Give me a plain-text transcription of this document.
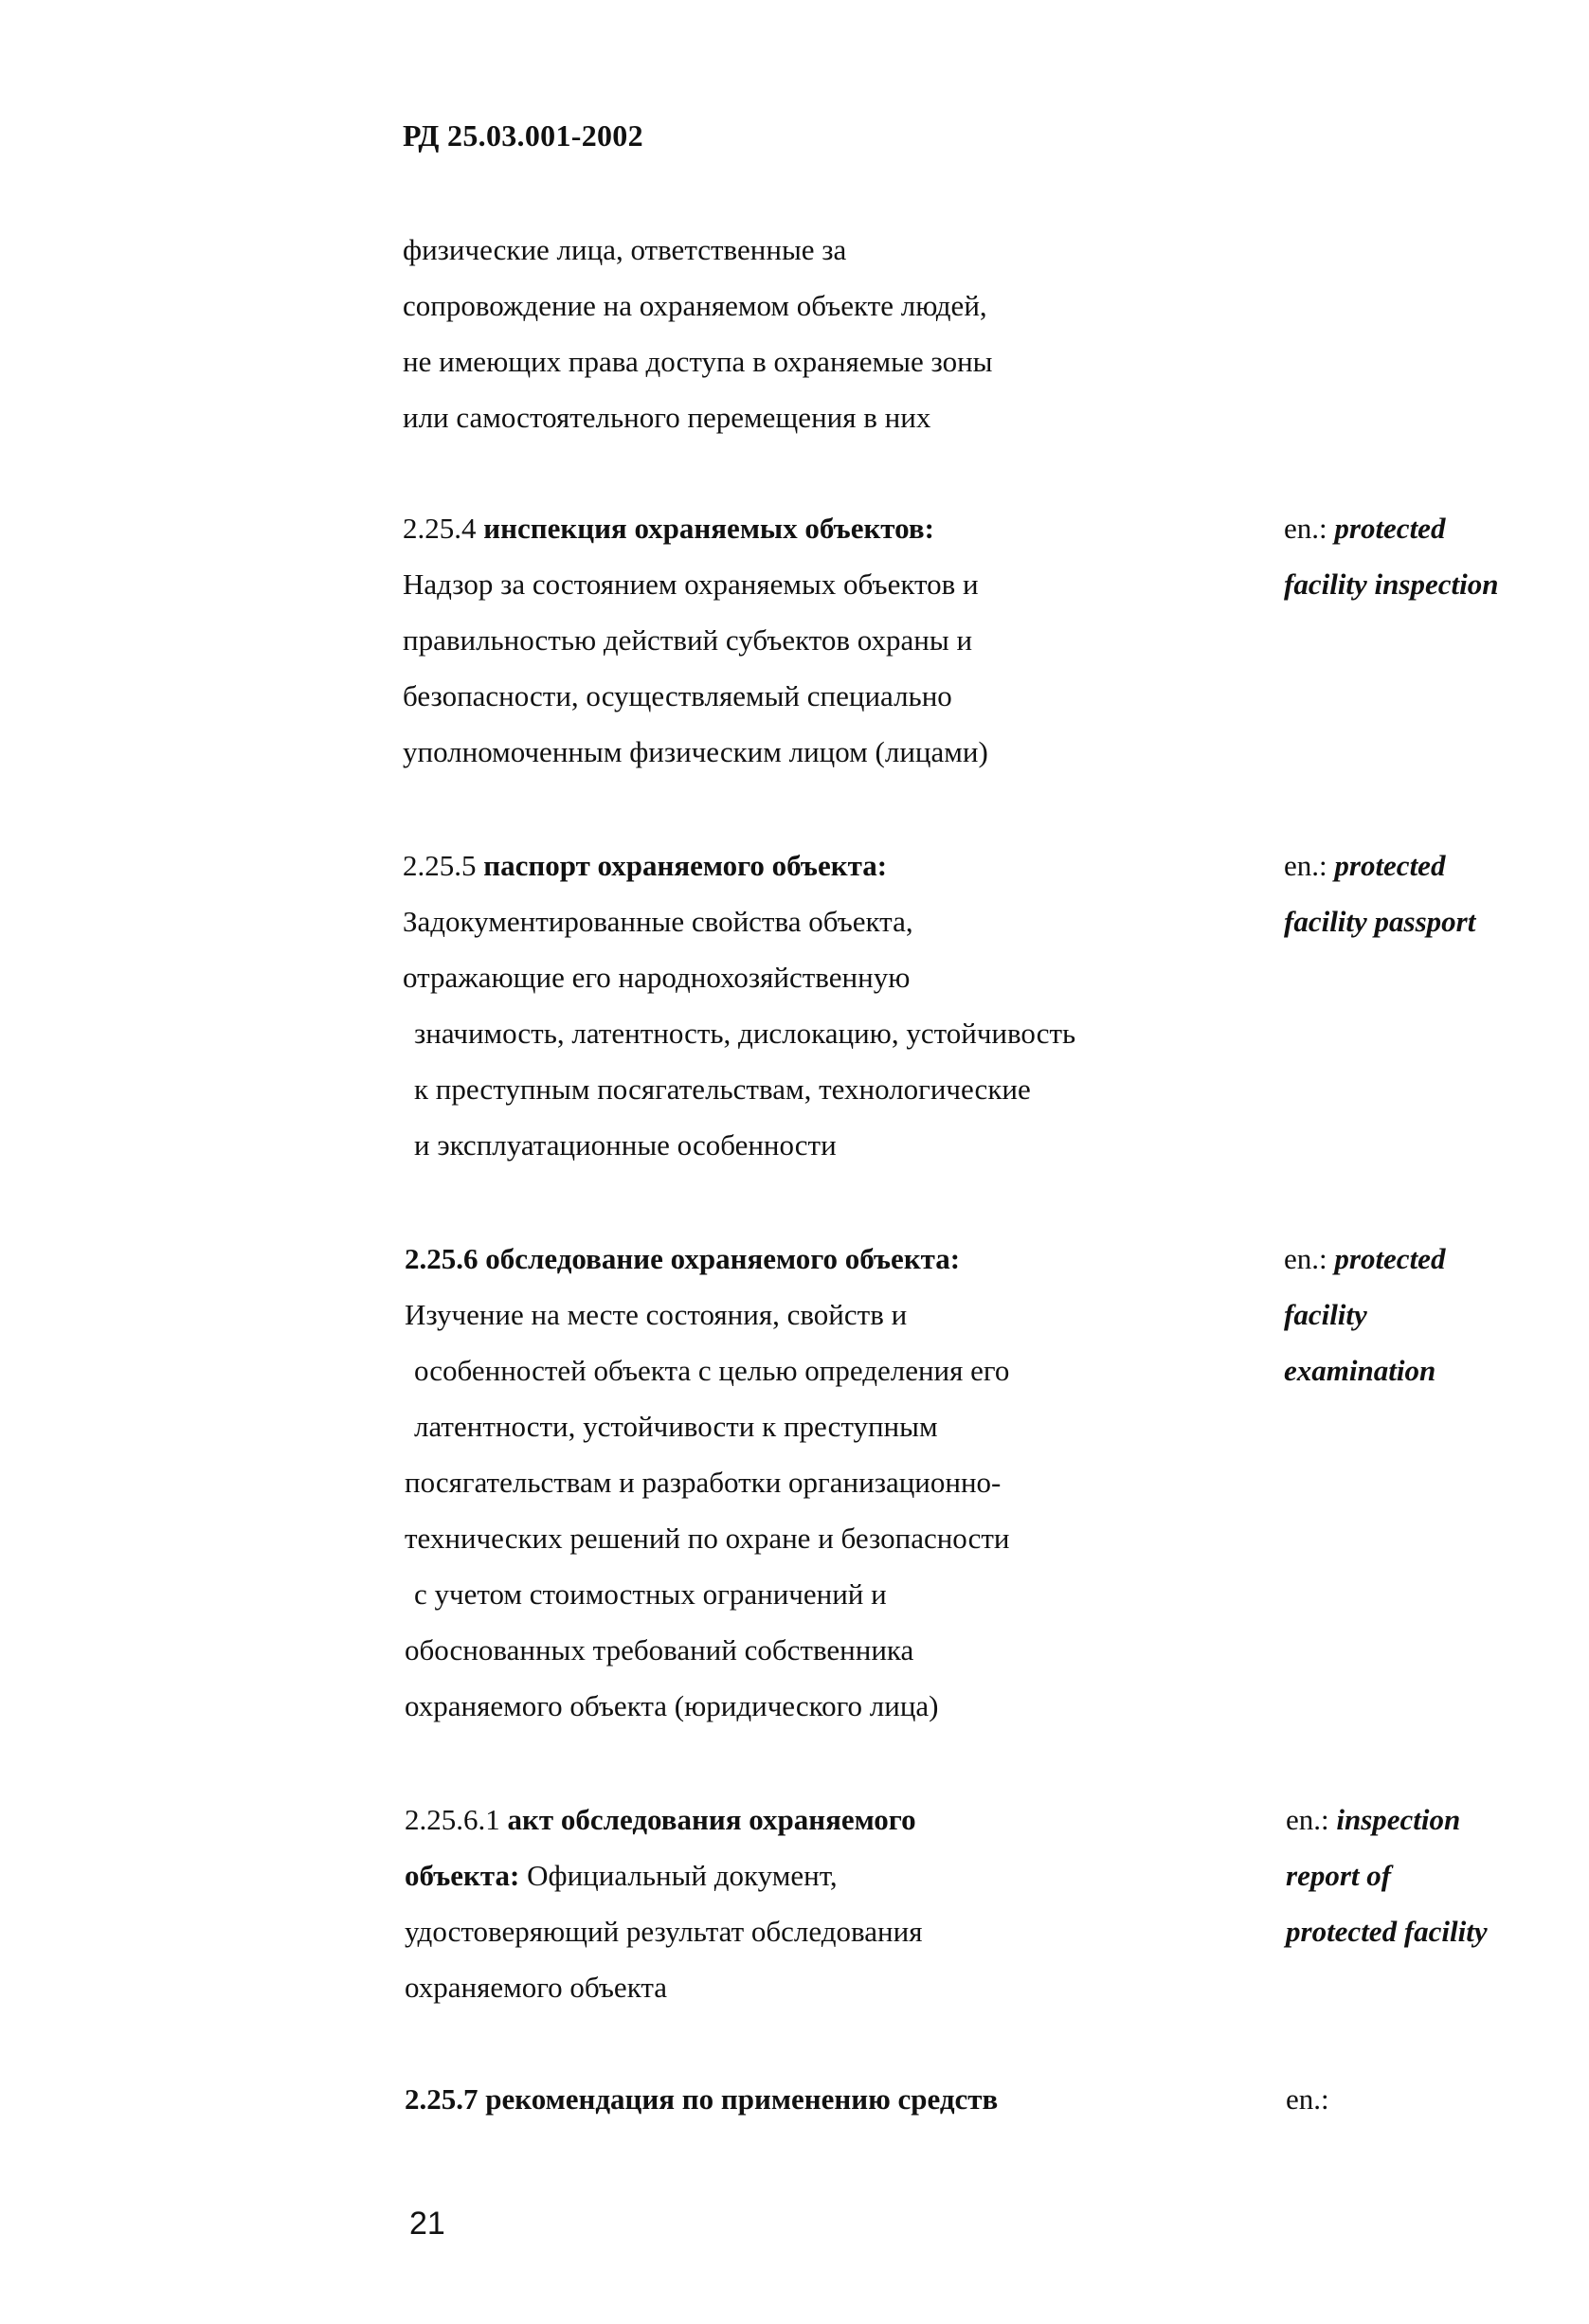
РД 25.03.001-2002
физические лица, ответственные за
сопровождение на охраняемом объекте людей,
не имеющих права доступа в охраняемые зоны
или самостоятельного перемещения в них
2.25.4 инспекция охраняемых объектов:
Надзор за состоянием охраняемых объектов и
правильностью действий субъектов охраны и
безопасности, осуществляемый специально
уполномоченным физическим лицом (лицами)
en.: protected
facility inspection
2.25.5 паспорт охраняемого объекта:
Задокументированные свойства объекта,
отражающие его народнохозяйственную
значимость, латентность, дислокацию, устойчивость
к преступным посягательствам, технологические
и эксплуатационные особенности
en.: protected
facility passport
2.25.6 обследование охраняемого объекта:
Изучение на месте состояния, свойств и
особенностей объекта с целью определения его
латентности, устойчивости к преступным
посягательствам и разработки организационно-
технических решений по охране и безопасности
с учетом стоимостных ограничений и
обоснованных требований собственника
охраняемого объекта (юридического лица)
en.: protected
facility
examination
2.25.6.1 акт обследования охраняемого
объекта: Официальный документ,
удостоверяющий результат обследования
охраняемого объекта
en.: inspection
report of
protected facility
2.25.7 рекомендация по применению средств	en.:
21
